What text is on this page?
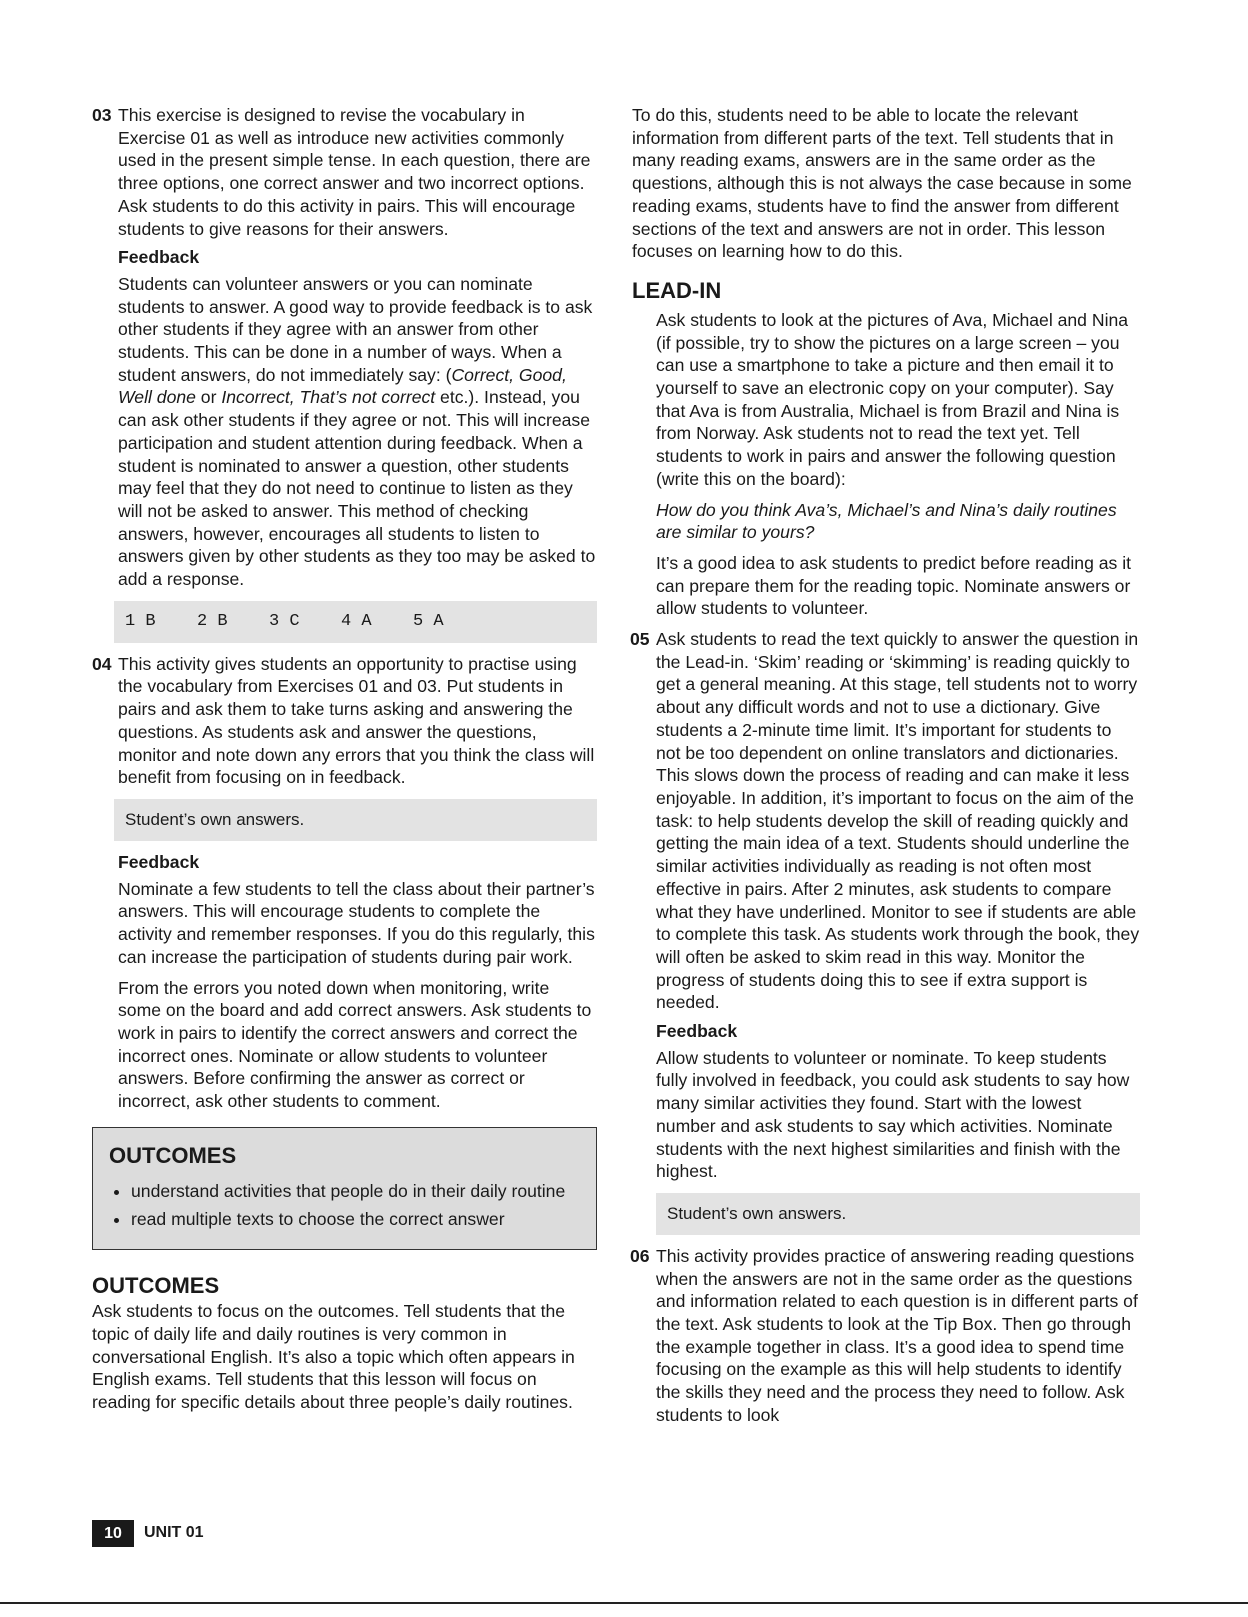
03 This exercise is designed to revise the vocabulary in Exercise 01 as well as introduce new activities commonly used in the present simple tense. In each question, there are three options, one correct answer and two incorrect options. Ask students to do this activity in pairs. This will encourage students to give reasons for their answers.

Feedback

Students can volunteer answers or you can nominate students to answer. A good way to provide feedback is to ask other students if they agree with an answer from other students. This can be done in a number of ways. When a student answers, do not immediately say: (Correct, Good, Well done or Incorrect, That’s not correct etc.). Instead, you can ask other students if they agree or not. This will increase participation and student attention during feedback. When a student is nominated to answer a question, other students may feel that they do not need to continue to listen as they will not be asked to answer. This method of checking answers, however, encourages all students to listen to answers given by other students as they too may be asked to add a response.

1 B 2 B 3 C 4 A 5 A
04 This activity gives students an opportunity to practise using the vocabulary from Exercises 01 and 03. Put students in pairs and ask them to take turns asking and answering the questions. As students ask and answer the questions, monitor and note down any errors that you think the class will benefit from focusing on in feedback.

Student’s own answers.

Feedback

Nominate a few students to tell the class about their partner’s answers. This will encourage students to complete the activity and remember responses. If you do this regularly, this can increase the participation of students during pair work.

From the errors you noted down when monitoring, write some on the board and add correct answers. Ask students to work in pairs to identify the correct answers and correct the incorrect ones. Nominate or allow students to volunteer answers. Before confirming the answer as correct or incorrect, ask other students to comment.

OUTCOMES
• understand activities that people do in their daily routine
• read multiple texts to choose the correct answer
OUTCOMES

Ask students to focus on the outcomes. Tell students that the topic of daily life and daily routines is very common in conversational English. It’s also a topic which often appears in English exams. Tell students that this lesson will focus on reading for specific details about three people’s daily routines.

To do this, students need to be able to locate the relevant information from different parts of the text. Tell students that in many reading exams, answers are in the same order as the questions, although this is not always the case because in some reading exams, students have to find the answer from different sections of the text and answers are not in order. This lesson focuses on learning how to do this.

LEAD-IN

Ask students to look at the pictures of Ava, Michael and Nina (if possible, try to show the pictures on a large screen – you can use a smartphone to take a picture and then email it to yourself to save an electronic copy on your computer). Say that Ava is from Australia, Michael is from Brazil and Nina is from Norway. Ask students not to read the text yet. Tell students to work in pairs and answer the following question (write this on the board):

How do you think Ava’s, Michael’s and Nina’s daily routines are similar to yours?

It’s a good idea to ask students to predict before reading as it can prepare them for the reading topic. Nominate answers or allow students to volunteer.

05 Ask students to read the text quickly to answer the question in the Lead-in. ‘Skim’ reading or ‘skimming’ is reading quickly to get a general meaning. At this stage, tell students not to worry about any difficult words and not to use a dictionary. Give students a 2-minute time limit. It’s important for students to not be too dependent on online translators and dictionaries. This slows down the process of reading and can make it less enjoyable. In addition, it’s important to focus on the aim of the task: to help students develop the skill of reading quickly and getting the main idea of a text. Students should underline the similar activities individually as reading is not often most effective in pairs. After 2 minutes, ask students to compare what they have underlined. Monitor to see if students are able to complete this task. As students work through the book, they will often be asked to skim read in this way. Monitor the progress of students doing this to see if extra support is needed.

Feedback

Allow students to volunteer or nominate. To keep students fully involved in feedback, you could ask students to say how many similar activities they found. Start with the lowest number and ask students to say which activities. Nominate students with the next highest similarities and finish with the highest.

Student’s own answers.
06 This activity provides practice of answering reading questions when the answers are not in the same order as the questions and information related to each question is in different parts of the text. Ask students to look at the Tip Box. Then go through the example together in class. It’s a good idea to spend time focusing on the example as this will help students to identify the skills they need and the process they need to follow. Ask students to look

10	UNIT 01
